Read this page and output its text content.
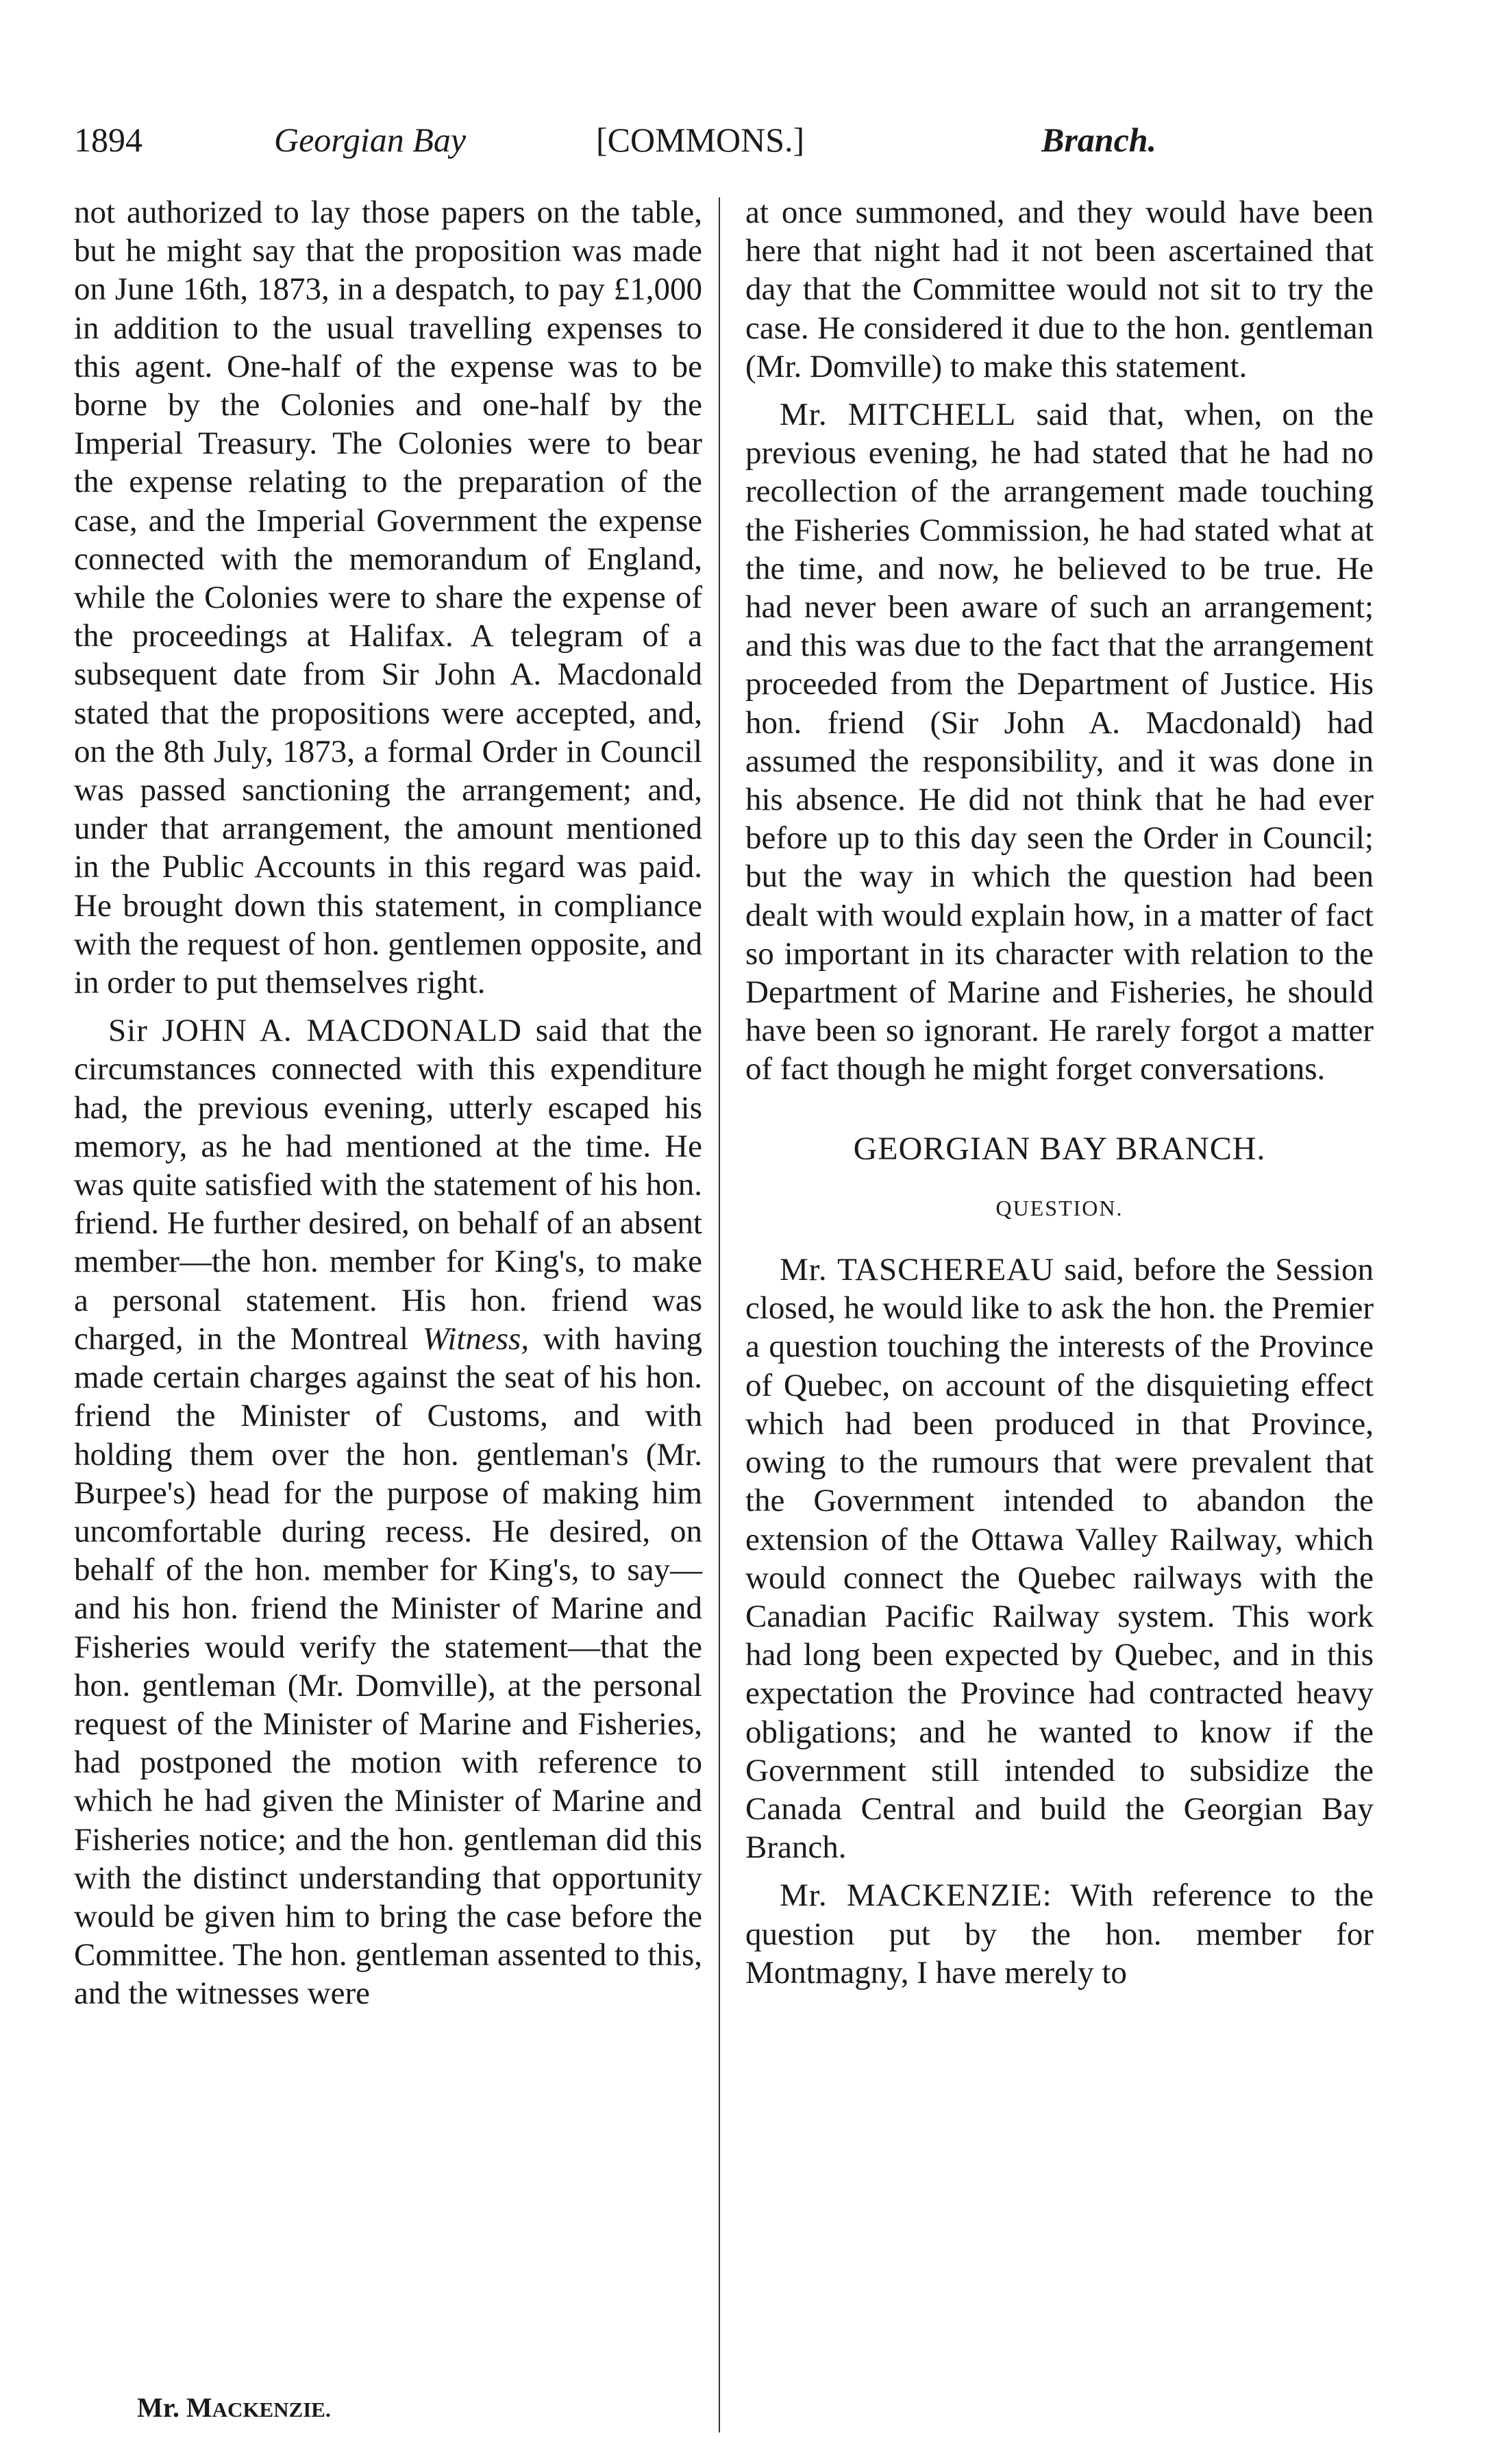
1894	Georgian Bay	[COMMONS.]	Branch.

not authorized to lay those papers on the table, but he might say that the proposition was made on June 16th, 1873, in a despatch, to pay £1,000 in addition to the usual travelling expenses to this agent. One-half of the expense was to be borne by the Colonies and one-half by the Imperial Treasury. The Colonies were to bear the expense relating to the preparation of the case, and the Imperial Government the expense connected with the memorandum of England, while the Colonies were to share the expense of the proceedings at Halifax. A telegram of a subsequent date from Sir John A. Macdonald stated that the propositions were accepted, and, on the 8th July, 1873, a formal Order in Council was passed sanctioning the arrangement; and, under that arrangement, the amount mentioned in the Public Accounts in this regard was paid. He brought down this statement, in compliance with the request of hon. gentlemen opposite, and in order to put themselves right.

Sir JOHN A. MACDONALD said that the circumstances connected with this expenditure had, the previous evening, utterly escaped his memory, as he had mentioned at the time. He was quite satisfied with the statement of his hon. friend. He further desired, on behalf of an absent member—the hon. member for King's, to make a personal statement. His hon. friend was charged, in the Montreal Witness, with having made certain charges against the seat of his hon. friend the Minister of Customs, and with holding them over the hon. gentleman's (Mr. Burpee's) head for the purpose of making him uncomfortable during recess. He desired, on behalf of the hon. member for King's, to say—and his hon. friend the Minister of Marine and Fisheries would verify the statement—that the hon. gentleman (Mr. Domville), at the personal request of the Minister of Marine and Fisheries, had postponed the motion with reference to which he had given the Minister of Marine and Fisheries notice; and the hon. gentleman did this with the distinct understanding that opportunity would be given him to bring the case before the Committee. The hon. gentleman assented to this, and the witnesses were

at once summoned, and they would have been here that night had it not been ascertained that day that the Committee would not sit to try the case. He considered it due to the hon. gentleman (Mr. Domville) to make this statement.

Mr. MITCHELL said that, when, on the previous evening, he had stated that he had no recollection of the arrangement made touching the Fisheries Commission, he had stated what at the time, and now, he believed to be true. He had never been aware of such an arrangement; and this was due to the fact that the arrangement proceeded from the Department of Justice. His hon. friend (Sir John A. Macdonald) had assumed the responsibility, and it was done in his absence. He did not think that he had ever before up to this day seen the Order in Council; but the way in which the question had been dealt with would explain how, in a matter of fact so important in its character with relation to the Department of Marine and Fisheries, he should have been so ignorant. He rarely forgot a matter of fact though he might forget conversations.

GEORGIAN BAY BRANCH.
QUESTION.

Mr. TASCHEREAU said, before the Session closed, he would like to ask the hon. the Premier a question touching the interests of the Province of Quebec, on account of the disquieting effect which had been produced in that Province, owing to the rumours that were prevalent that the Government intended to abandon the extension of the Ottawa Valley Railway, which would connect the Quebec railways with the Canadian Pacific Railway system. This work had long been expected by Quebec, and in this expectation the Province had contracted heavy obligations; and he wanted to know if the Government still intended to subsidize the Canada Central and build the Georgian Bay Branch.

Mr. MACKENZIE: With reference to the question put by the hon. member for Montmagny, I have merely to

Mr. MACKENZIE.
